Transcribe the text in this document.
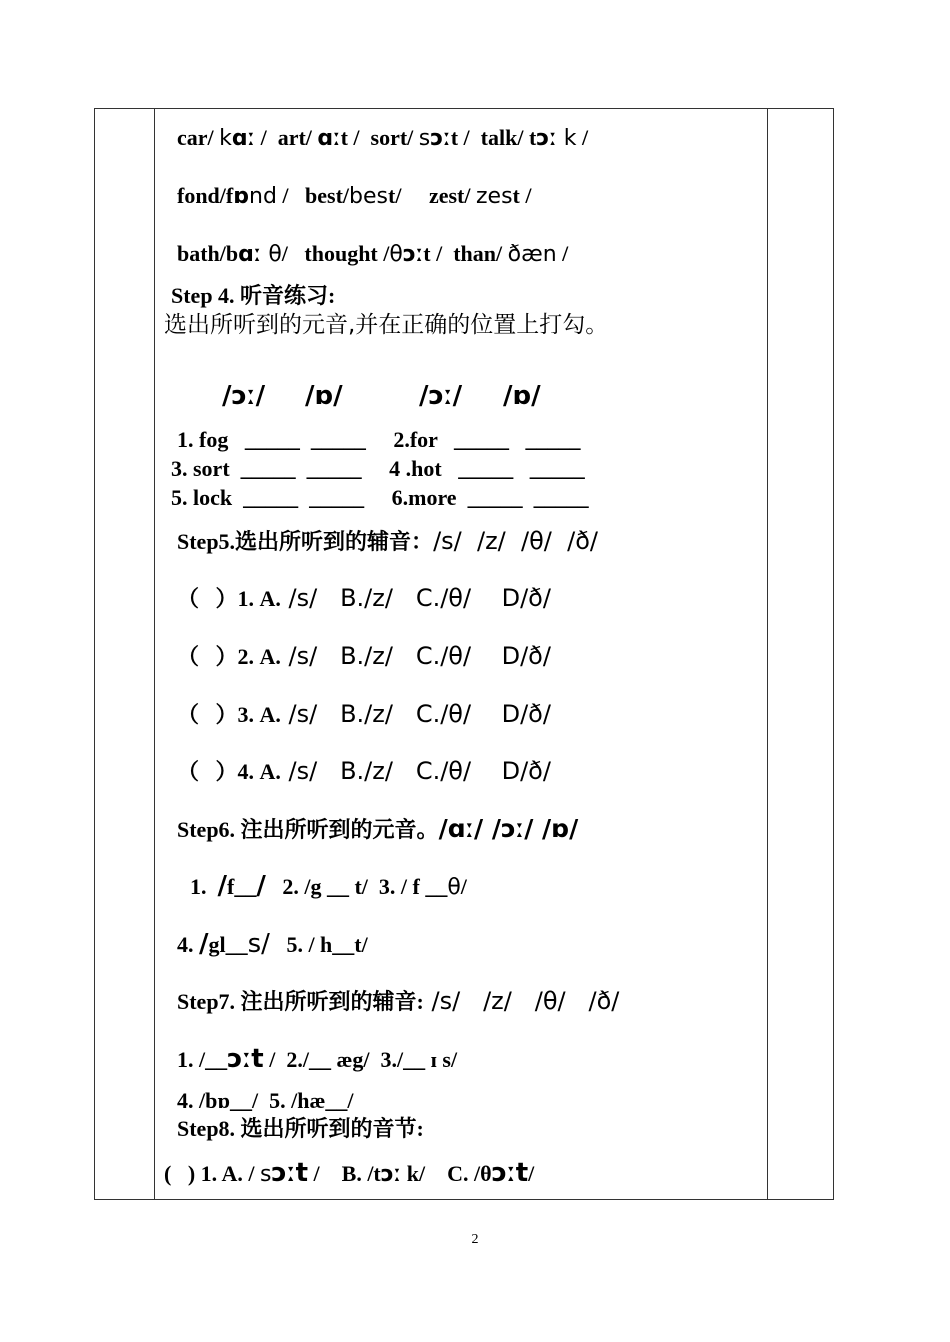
car/ kɑː /  art/ ɑːt /  sort/ sɔːt /  talk/ tɔː k /
fond/fɒnd /   best/best/     zest/ zest /
bath/bɑː θ/   thought /θɔːt /  than/ ðæn /
Step 4. 听音练习:
选出所听到的元音,并在正确的位置上打勾。
/ɔː/ /ɒ/	/ɔː/ /ɒ/
1. fog   _____  _____     2.for   _____   _____
3. sort  _____  _____     4 .hot   _____   _____
5. lock  _____  _____     6.more  _____  _____
Step5.选出所听到的辅音：/s/  /z/  /θ/  /ð/
（   ）1. A. /s/   B./z/   C./θ/    D/ð/
（   ）2. A. /s/   B./z/   C./θ/    D/ð/
（   ）3. A. /s/   B./z/   C./θ/    D/ð/
（   ）4. A. /s/   B./z/   C./θ/    D/ð/
Step6. 注出所听到的元音。/ɑː/ /ɔː/ /ɒ/
1.  /f__/   2. /g __ t/  3. / f __θ/
4. /gl__s/   5. / h__t/
Step7. 注出所听到的辅音: /s/   /z/   /θ/   /ð/
1. /__ɔːt /  2./__ æg/  3./__ ɪ s/
4. /bɒ__/  5. /hæ__/
Step8. 选出所听到的音节:
(   ) 1. A. / sɔːt /    B. /tɔː k/    C. /θɔːt/
2
